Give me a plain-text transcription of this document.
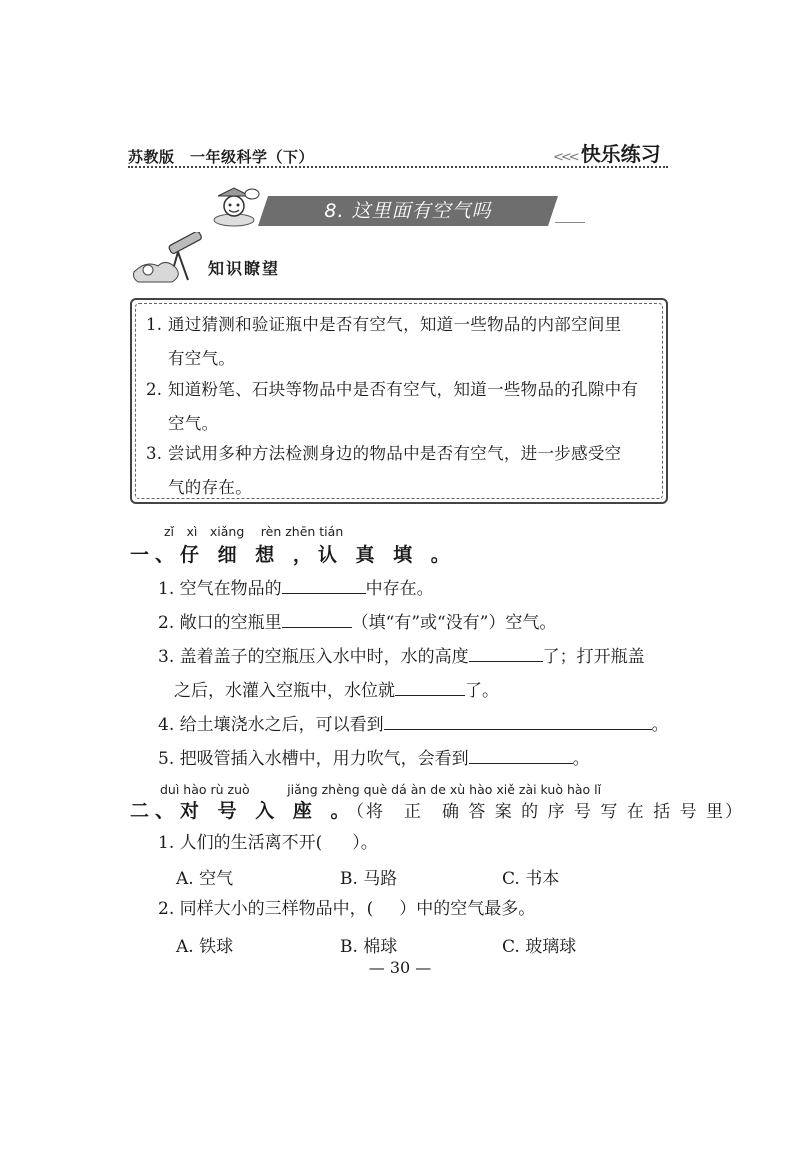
苏教版　一年级科学（下）	<<< 快乐练习
8. 这里面有空气吗
知识瞭望
1. 通过猜测和验证瓶中是否有空气，知道一些物品的内部空间里
有空气。
2. 知道粉笔、石块等物品中是否有空气，知道一些物品的孔隙中有
空气。
3. 尝试用多种方法检测身边的物品中是否有空气，进一步感受空
气的存在。
zǐ　xì　xiǎng　 rèn zhēn tián
一、仔 细 想 ，认 真 填 。
1. 空气在物品的	中存在。
2. 敞口的空瓶里	（填“有”或“没有”）空气。
3. 盖着盖子的空瓶压入水中时，水的高度	了；打开瓶盖
之后，水灌入空瓶中，水位就	了。
4. 给土壤浇水之后，可以看到	。
5. 把吸管插入水槽中，用力吹气，会看到	。
duì hào rù zuò　　　jiǎng zhèng què dá àn de xù hào xiě zài kuò hào lǐ
二、对 号 入 座 。（将　正　确 答 案 的 序 号 写 在 括 号 里）
1. 人们的生活离不开( ）。
A. 空气	B. 马路	C. 书本
2. 同样大小的三样物品中，( ）中的空气最多。
A. 铁球	B. 棉球	C. 玻璃球
— 30 —
